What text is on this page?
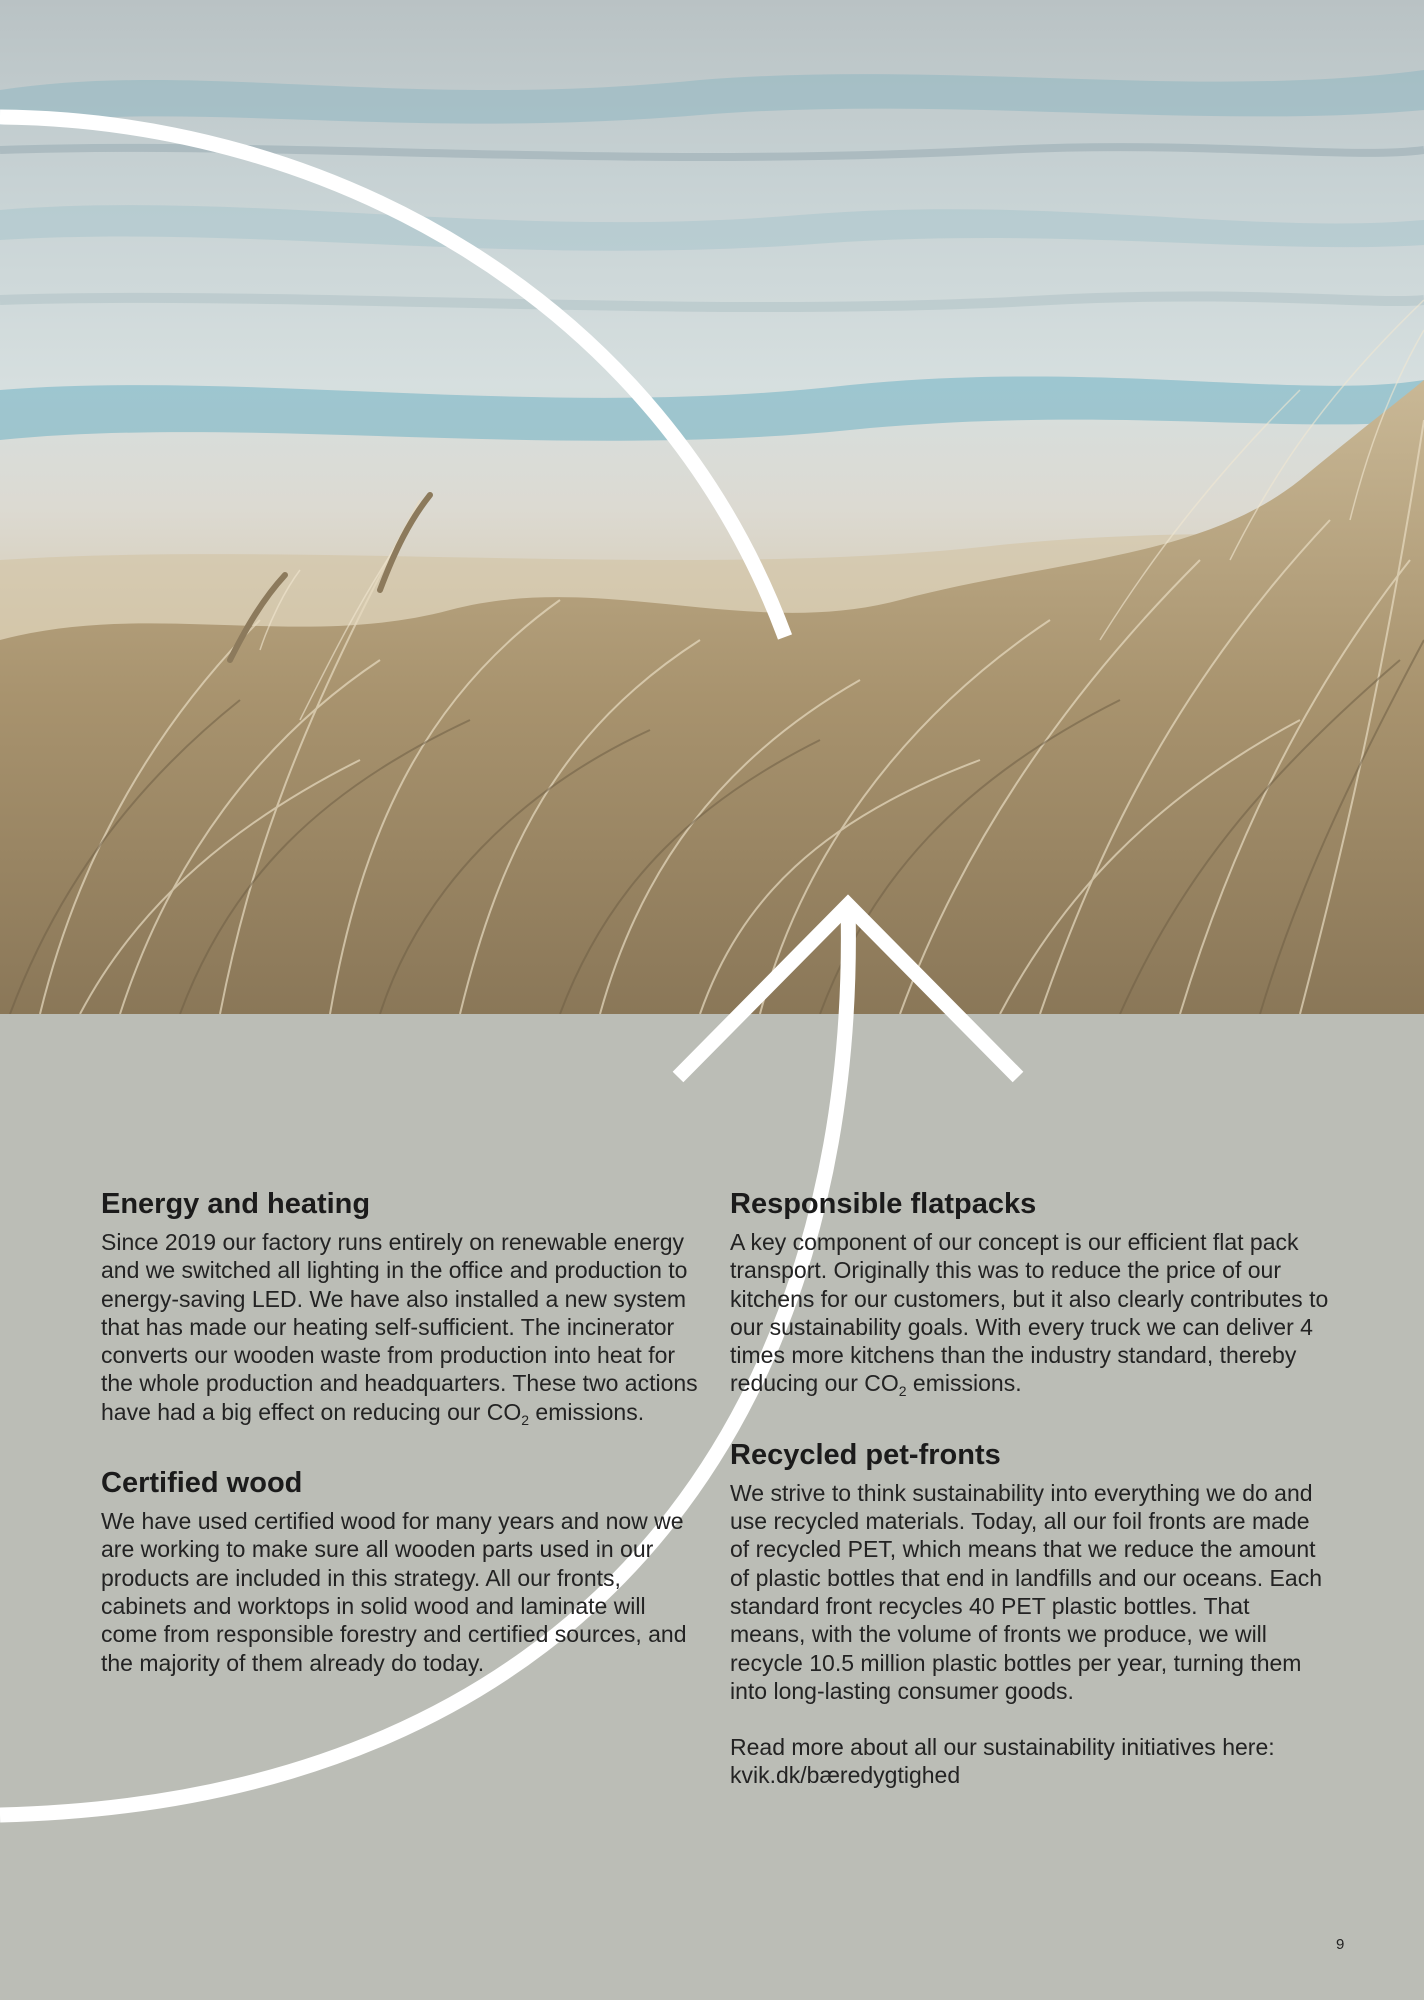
Energy and heating

Since 2019 our factory runs entirely on renewable energy and we switched all lighting in the office and production to energy-saving LED. We have also installed a new system that has made our heating self-sufficient. The incinerator converts our wooden waste from production into heat for the whole production and headquarters. These two actions have had a big effect on reducing our $CO_2$ emissions.

Certified wood

We have used certified wood for many years and now we are working to make sure all wooden parts used in our products are included in this strategy. All our fronts, cabinets and worktops in solid wood and laminate will come from responsible forestry and certified sources, and the majority of them already do today.

Responsible flatpacks

A key component of our concept is our efficient flat pack transport. Originally this was to reduce the price of our kitchens for our customers, but it also clearly contributes to our sustainability goals. With every truck we can deliver 4 times more kitchens than the industry standard, thereby reducing our $CO_2$ emissions.

Recycled pet-fronts

We strive to think sustainability into everything we do and use recycled materials. Today, all our foil fronts are made of recycled PET, which means that we reduce the amount of plastic bottles that end in landfills and our oceans. Each standard front recycles 40 PET plastic bottles. That means, with the volume of fronts we produce, we will recycle 10.5 million plastic bottles per year, turning them into long-lasting consumer goods.

Read more about all our sustainability initiatives here:

kvik.dk/bæredygtighed

9
